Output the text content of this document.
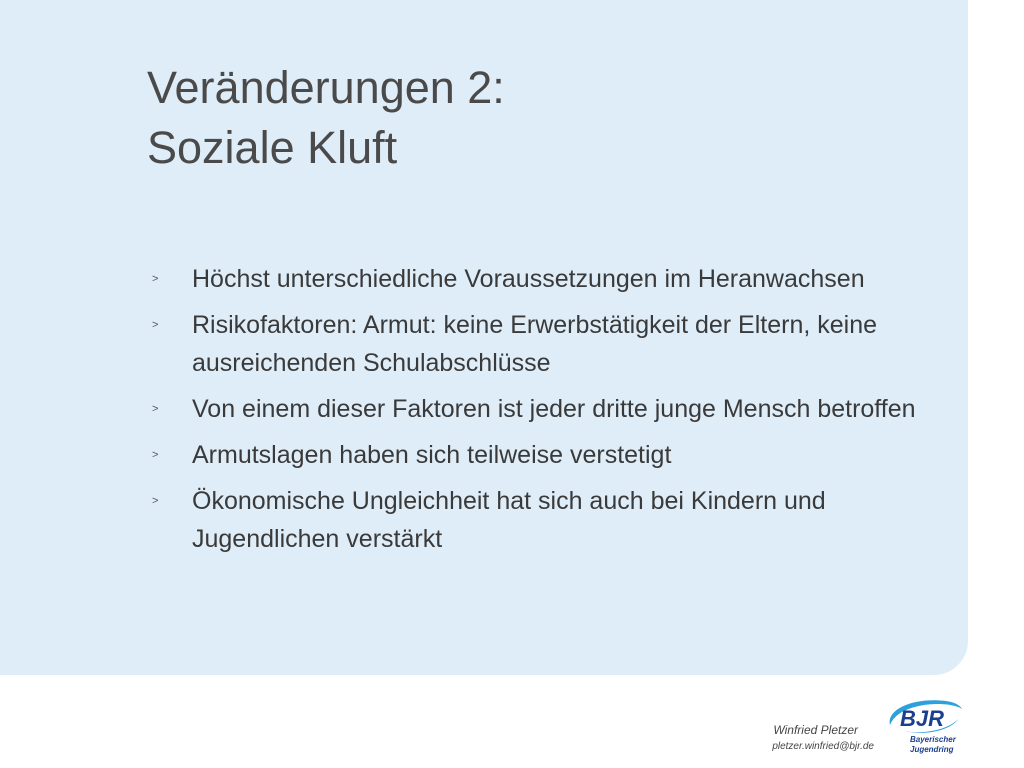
Veränderungen 2:
Soziale Kluft
> Höchst unterschiedliche Voraussetzungen im Heranwachsen
> Risikofaktoren: Armut: keine Erwerbstätigkeit der Eltern, keine ausreichenden Schulabschlüsse
> Von einem dieser Faktoren ist jeder dritte junge Mensch betroffen
> Armutslagen haben sich teilweise verstetigt
> Ökonomische Ungleichheit hat sich auch bei Kindern und Jugendlichen verstärkt
Winfried Pletzer
pletzer.winfried@bjr.de
BJR
Bayerischer
Jugendring
